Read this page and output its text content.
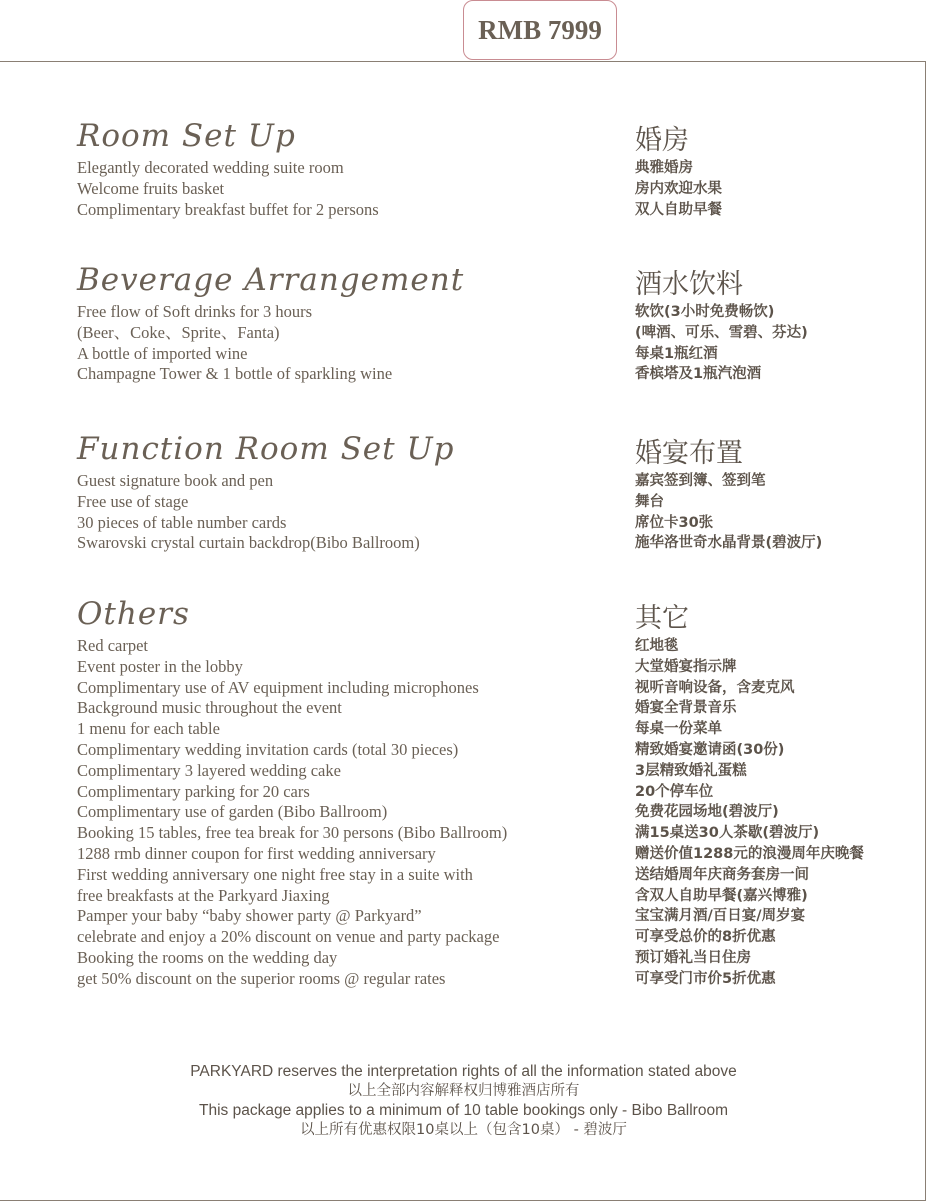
RMB 7999
Room Set Up	婚房
Elegantly decorated wedding suite room
Welcome fruits basket
Complimentary breakfast buffet for 2 persons
典雅婚房
房内欢迎水果
双人自助早餐
Beverage Arrangement	酒水饮料
Free flow of Soft drinks for 3 hours
(Beer、Coke、Sprite、Fanta)
A bottle of imported wine
Champagne Tower & 1 bottle of sparkling wine
软饮(3小时免费畅饮)
(啤酒、可乐、雪碧、芬达)
每桌1瓶红酒
香槟塔及1瓶汽泡酒
Function Room Set Up	婚宴布置
Guest signature book and pen
Free use of stage
30 pieces of table number cards
Swarovski crystal curtain backdrop(Bibo Ballroom)
嘉宾签到簿、签到笔
舞台
席位卡30张
施华洛世奇水晶背景(碧波厅)
Others	其它
Red carpet
Event poster in the lobby
Complimentary use of AV equipment including microphones
Background music throughout the event
1 menu for each table
Complimentary wedding invitation cards (total 30 pieces)
Complimentary 3 layered wedding cake
Complimentary parking for 20 cars
Complimentary use of garden (Bibo Ballroom)
Booking 15 tables, free tea break for 30 persons (Bibo Ballroom)
1288 rmb dinner coupon for first wedding anniversary
First wedding anniversary one night free stay in a suite with
free breakfasts at the Parkyard Jiaxing
Pamper your baby “baby shower party @ Parkyard”
celebrate and enjoy a 20% discount on venue and party package
Booking the rooms on the wedding day
get 50% discount on the superior rooms @ regular rates
红地毯
大堂婚宴指示牌
视听音响设备，含麦克风
婚宴全背景音乐
每桌一份菜单
精致婚宴邀请函(30份)
3层精致婚礼蛋糕
20个停车位
免费花园场地(碧波厅)
满15桌送30人茶歇(碧波厅)
赠送价值1288元的浪漫周年庆晚餐
送结婚周年庆商务套房一间
含双人自助早餐(嘉兴博雅)
宝宝满月酒/百日宴/周岁宴
可享受总价的8折优惠
预订婚礼当日住房
可享受门市价5折优惠
PARKYARD reserves the interpretation rights of all the information stated above
以上全部内容解释权归博雅酒店所有
This package applies to a minimum of 10 table bookings only - Bibo Ballroom
以上所有优惠权限10桌以上（包含10桌） - 碧波厅
